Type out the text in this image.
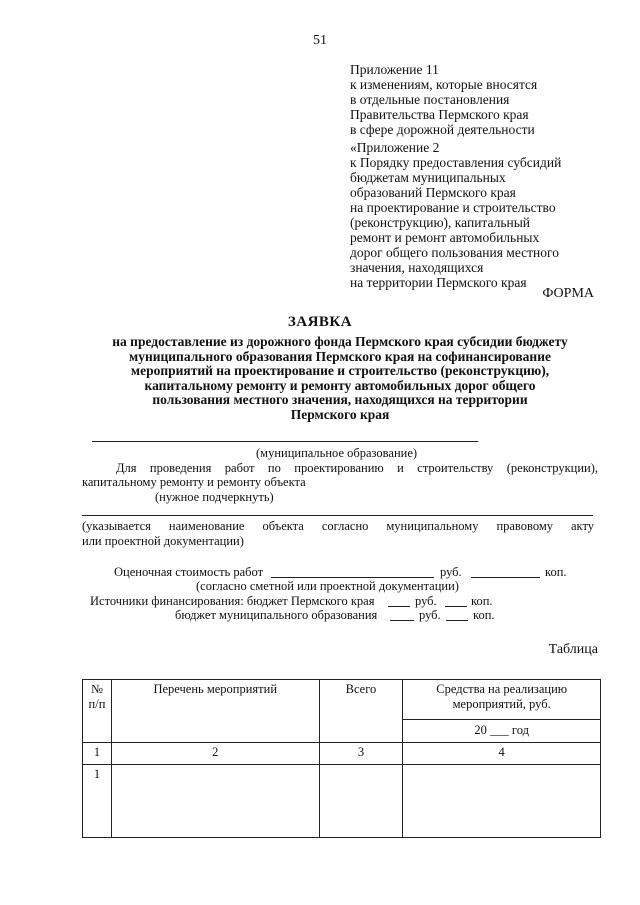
51
Приложение 11
к изменениям, которые вносятся
в отдельные постановления
Правительства Пермского края
в сфере дорожной деятельности
«Приложение 2
к Порядку предоставления субсидий
бюджетам муниципальных
образований Пермского края
на проектирование и строительство
(реконструкцию), капитальный
ремонт и ремонт автомобильных
дорог общего пользования местного
значения, находящихся
на территории Пермского края
ФОРМА
ЗАЯВКА
на предоставление из дорожного фонда Пермского края субсидии бюджету
муниципального образования Пермского края на софинансирование
мероприятий на проектирование и строительство (реконструкцию),
капитальному ремонту и ремонту автомобильных дорог общего
пользования местного значения, находящихся на территории
Пермского края
(муниципальное образование)
Для проведения работ по проектированию и строительству (реконструкции),
капитальному ремонту и ремонту объекта
(нужное подчеркнуть)
(указывается наименование объекта согласно муниципальному правовому акту
или проектной документации)
Оценочная стоимость работ	руб.	коп.
(согласно сметной или проектной документации)
Источники финансирования: бюджет Пермского края	руб.	коп.
бюджет муниципального образования	руб.	коп.
Таблица
№ п/п	Перечень мероприятий	Всего	Средства на реализацию мероприятий, руб.
			20 ___ год
1	2	3	4
1			
